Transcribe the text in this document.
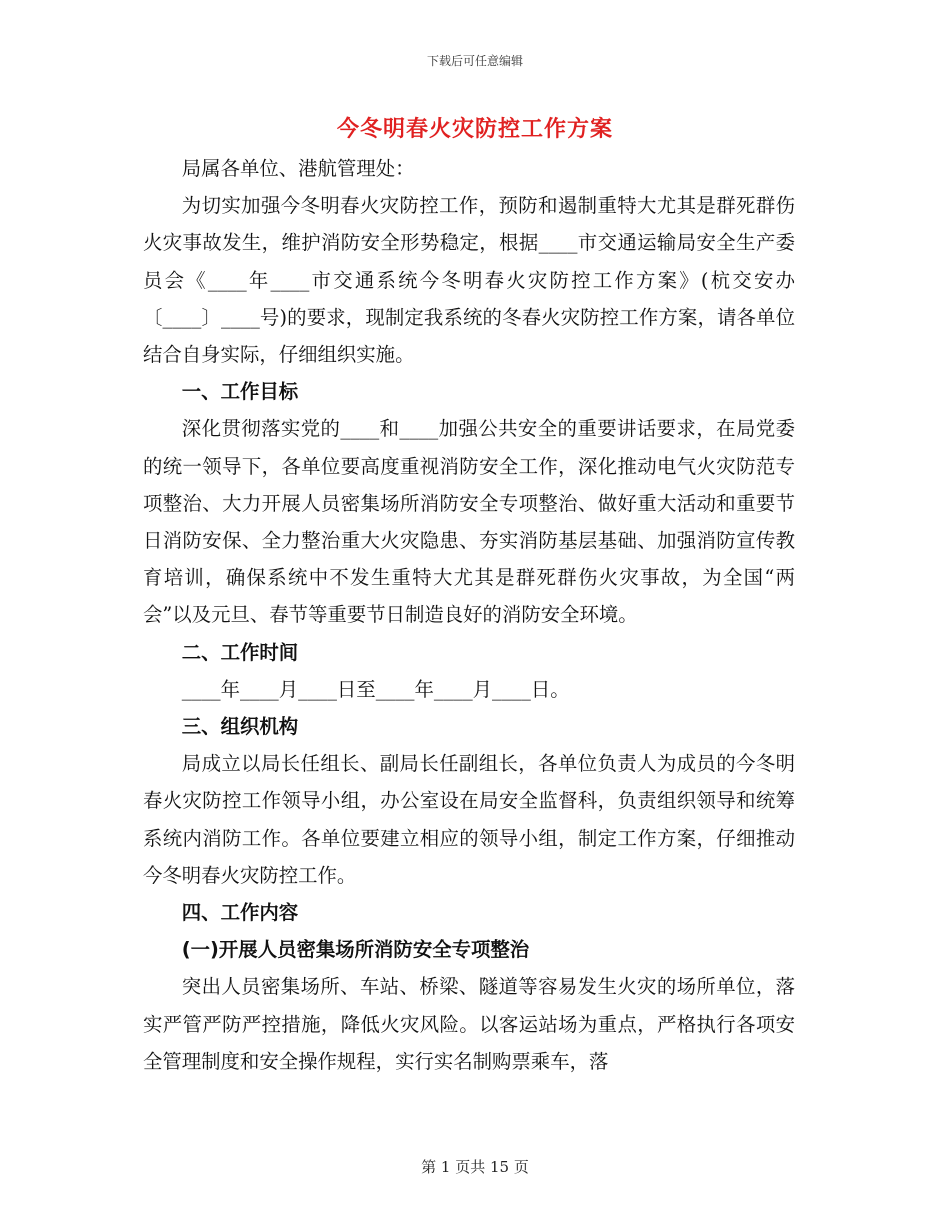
下载后可任意编辑
今冬明春火灾防控工作方案

局属各单位、港航管理处：

为切实加强今冬明春火灾防控工作，预防和遏制重特大尤其是群死群伤火灾事故发生，维护消防安全形势稳定，根据____市交通运输局安全生产委员会《____年____市交通系统今冬明春火灾防控工作方案》(杭交安办〔____〕____号)的要求，现制定我系统的冬春火灾防控工作方案，请各单位结合自身实际，仔细组织实施。

一、工作目标

深化贯彻落实党的____和____加强公共安全的重要讲话要求，在局党委的统一领导下，各单位要高度重视消防安全工作，深化推动电气火灾防范专项整治、大力开展人员密集场所消防安全专项整治、做好重大活动和重要节日消防安保、全力整治重大火灾隐患、夯实消防基层基础、加强消防宣传教育培训，确保系统中不发生重特大尤其是群死群伤火灾事故，为全国“两会”以及元旦、春节等重要节日制造良好的消防安全环境。

二、工作时间

____年____月____日至____年____月____日。

三、组织机构

局成立以局长任组长、副局长任副组长，各单位负责人为成员的今冬明春火灾防控工作领导小组，办公室设在局安全监督科，负责组织领导和统筹系统内消防工作。各单位要建立相应的领导小组，制定工作方案，仔细推动今冬明春火灾防控工作。

四、工作内容

(一)开展人员密集场所消防安全专项整治

突出人员密集场所、车站、桥梁、隧道等容易发生火灾的场所单位，落实严管严防严控措施，降低火灾风险。以客运站场为重点，严格执行各项安全管理制度和安全操作规程，实行实名制购票乘车，落

第 1 页共 15 页
